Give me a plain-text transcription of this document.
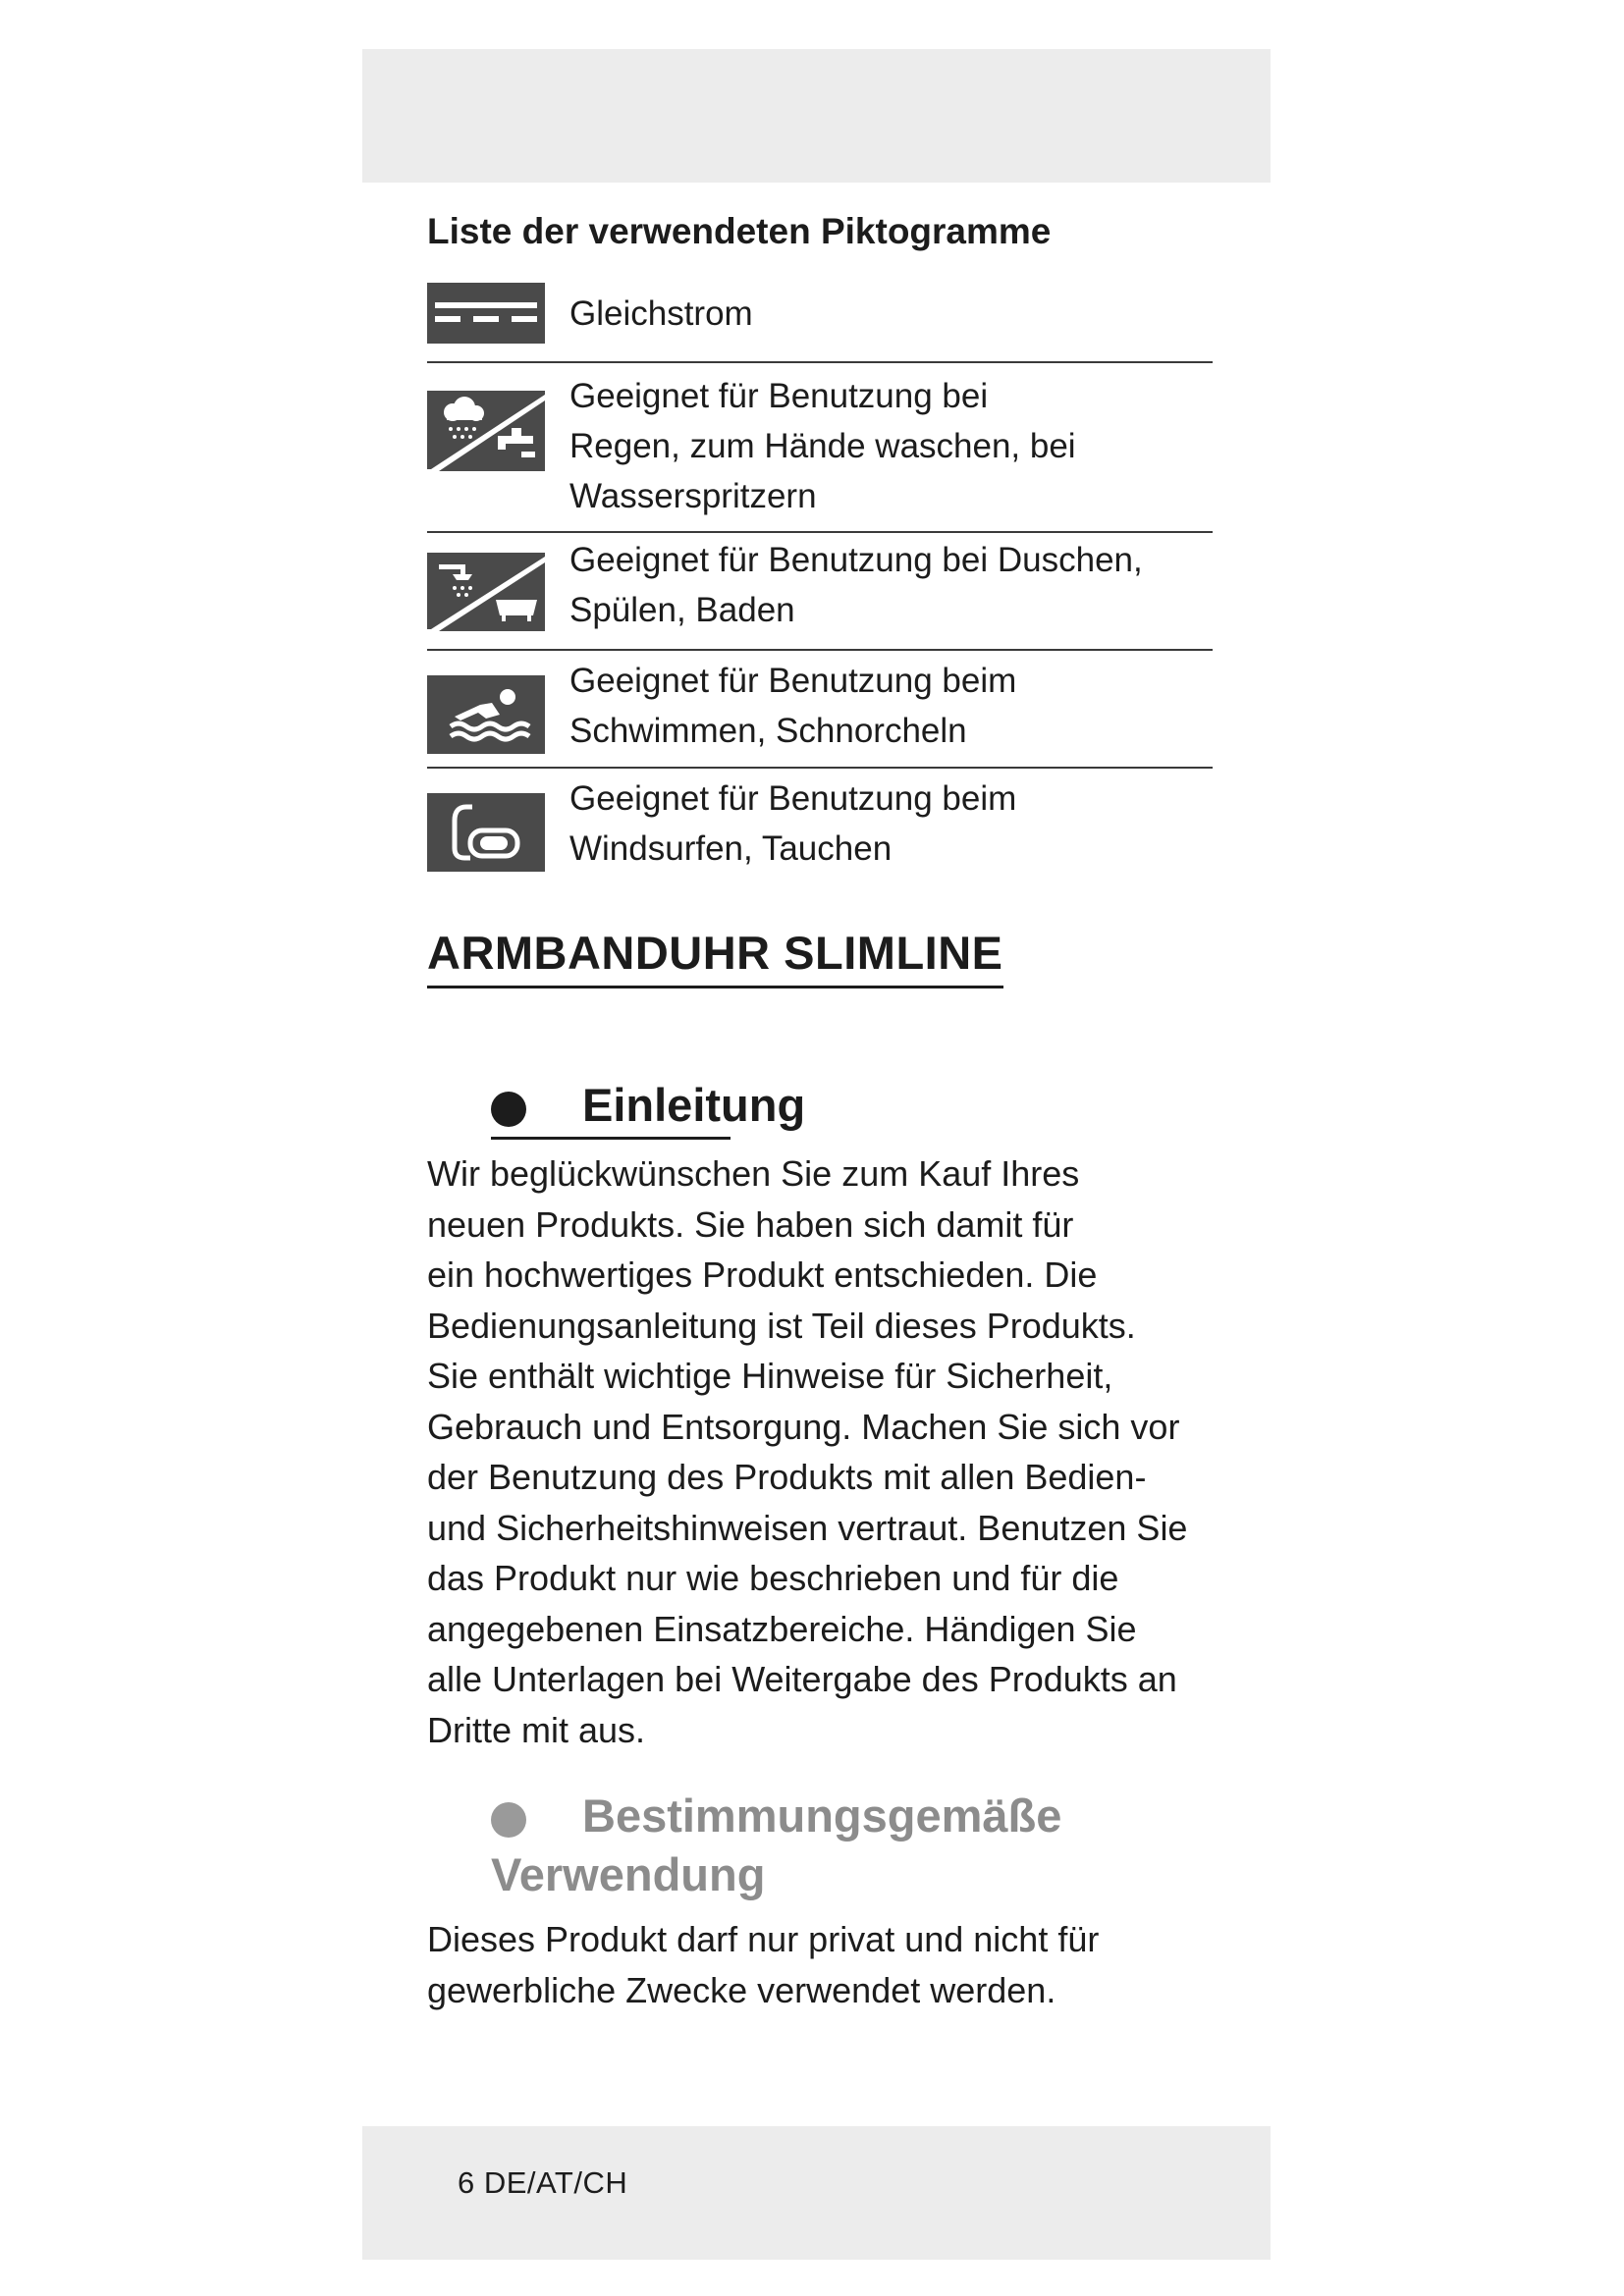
Liste der verwendeten Piktogramme
Gleichstrom
Geeignet für Benutzung bei
Regen, zum Hände waschen, bei
Wasserspritzern
Geeignet für Benutzung bei Duschen,
Spülen, Baden
Geeignet für Benutzung beim
Schwimmen, Schnorcheln
Geeignet für Benutzung beim
Windsurfen, Tauchen
ARMBANDUHR SLIMLINE
Einleitung
Wir beglückwünschen Sie zum Kauf Ihres
neuen Produkts. Sie haben sich damit für
ein hochwertiges Produkt entschieden. Die
Bedienungsanleitung ist Teil dieses Produkts.
Sie enthält wichtige Hinweise für Sicherheit,
Gebrauch und Entsorgung. Machen Sie sich vor
der Benutzung des Produkts mit allen Bedien-
und Sicherheitshinweisen vertraut. Benutzen Sie
das Produkt nur wie beschrieben und für die
angegebenen Einsatzbereiche. Händigen Sie
alle Unterlagen bei Weitergabe des Produkts an
Dritte mit aus.
Bestimmungsgemäße
Verwendung
Dieses Produkt darf nur privat und nicht für
gewerbliche Zwecke verwendet werden.
6 DE/AT/CH
